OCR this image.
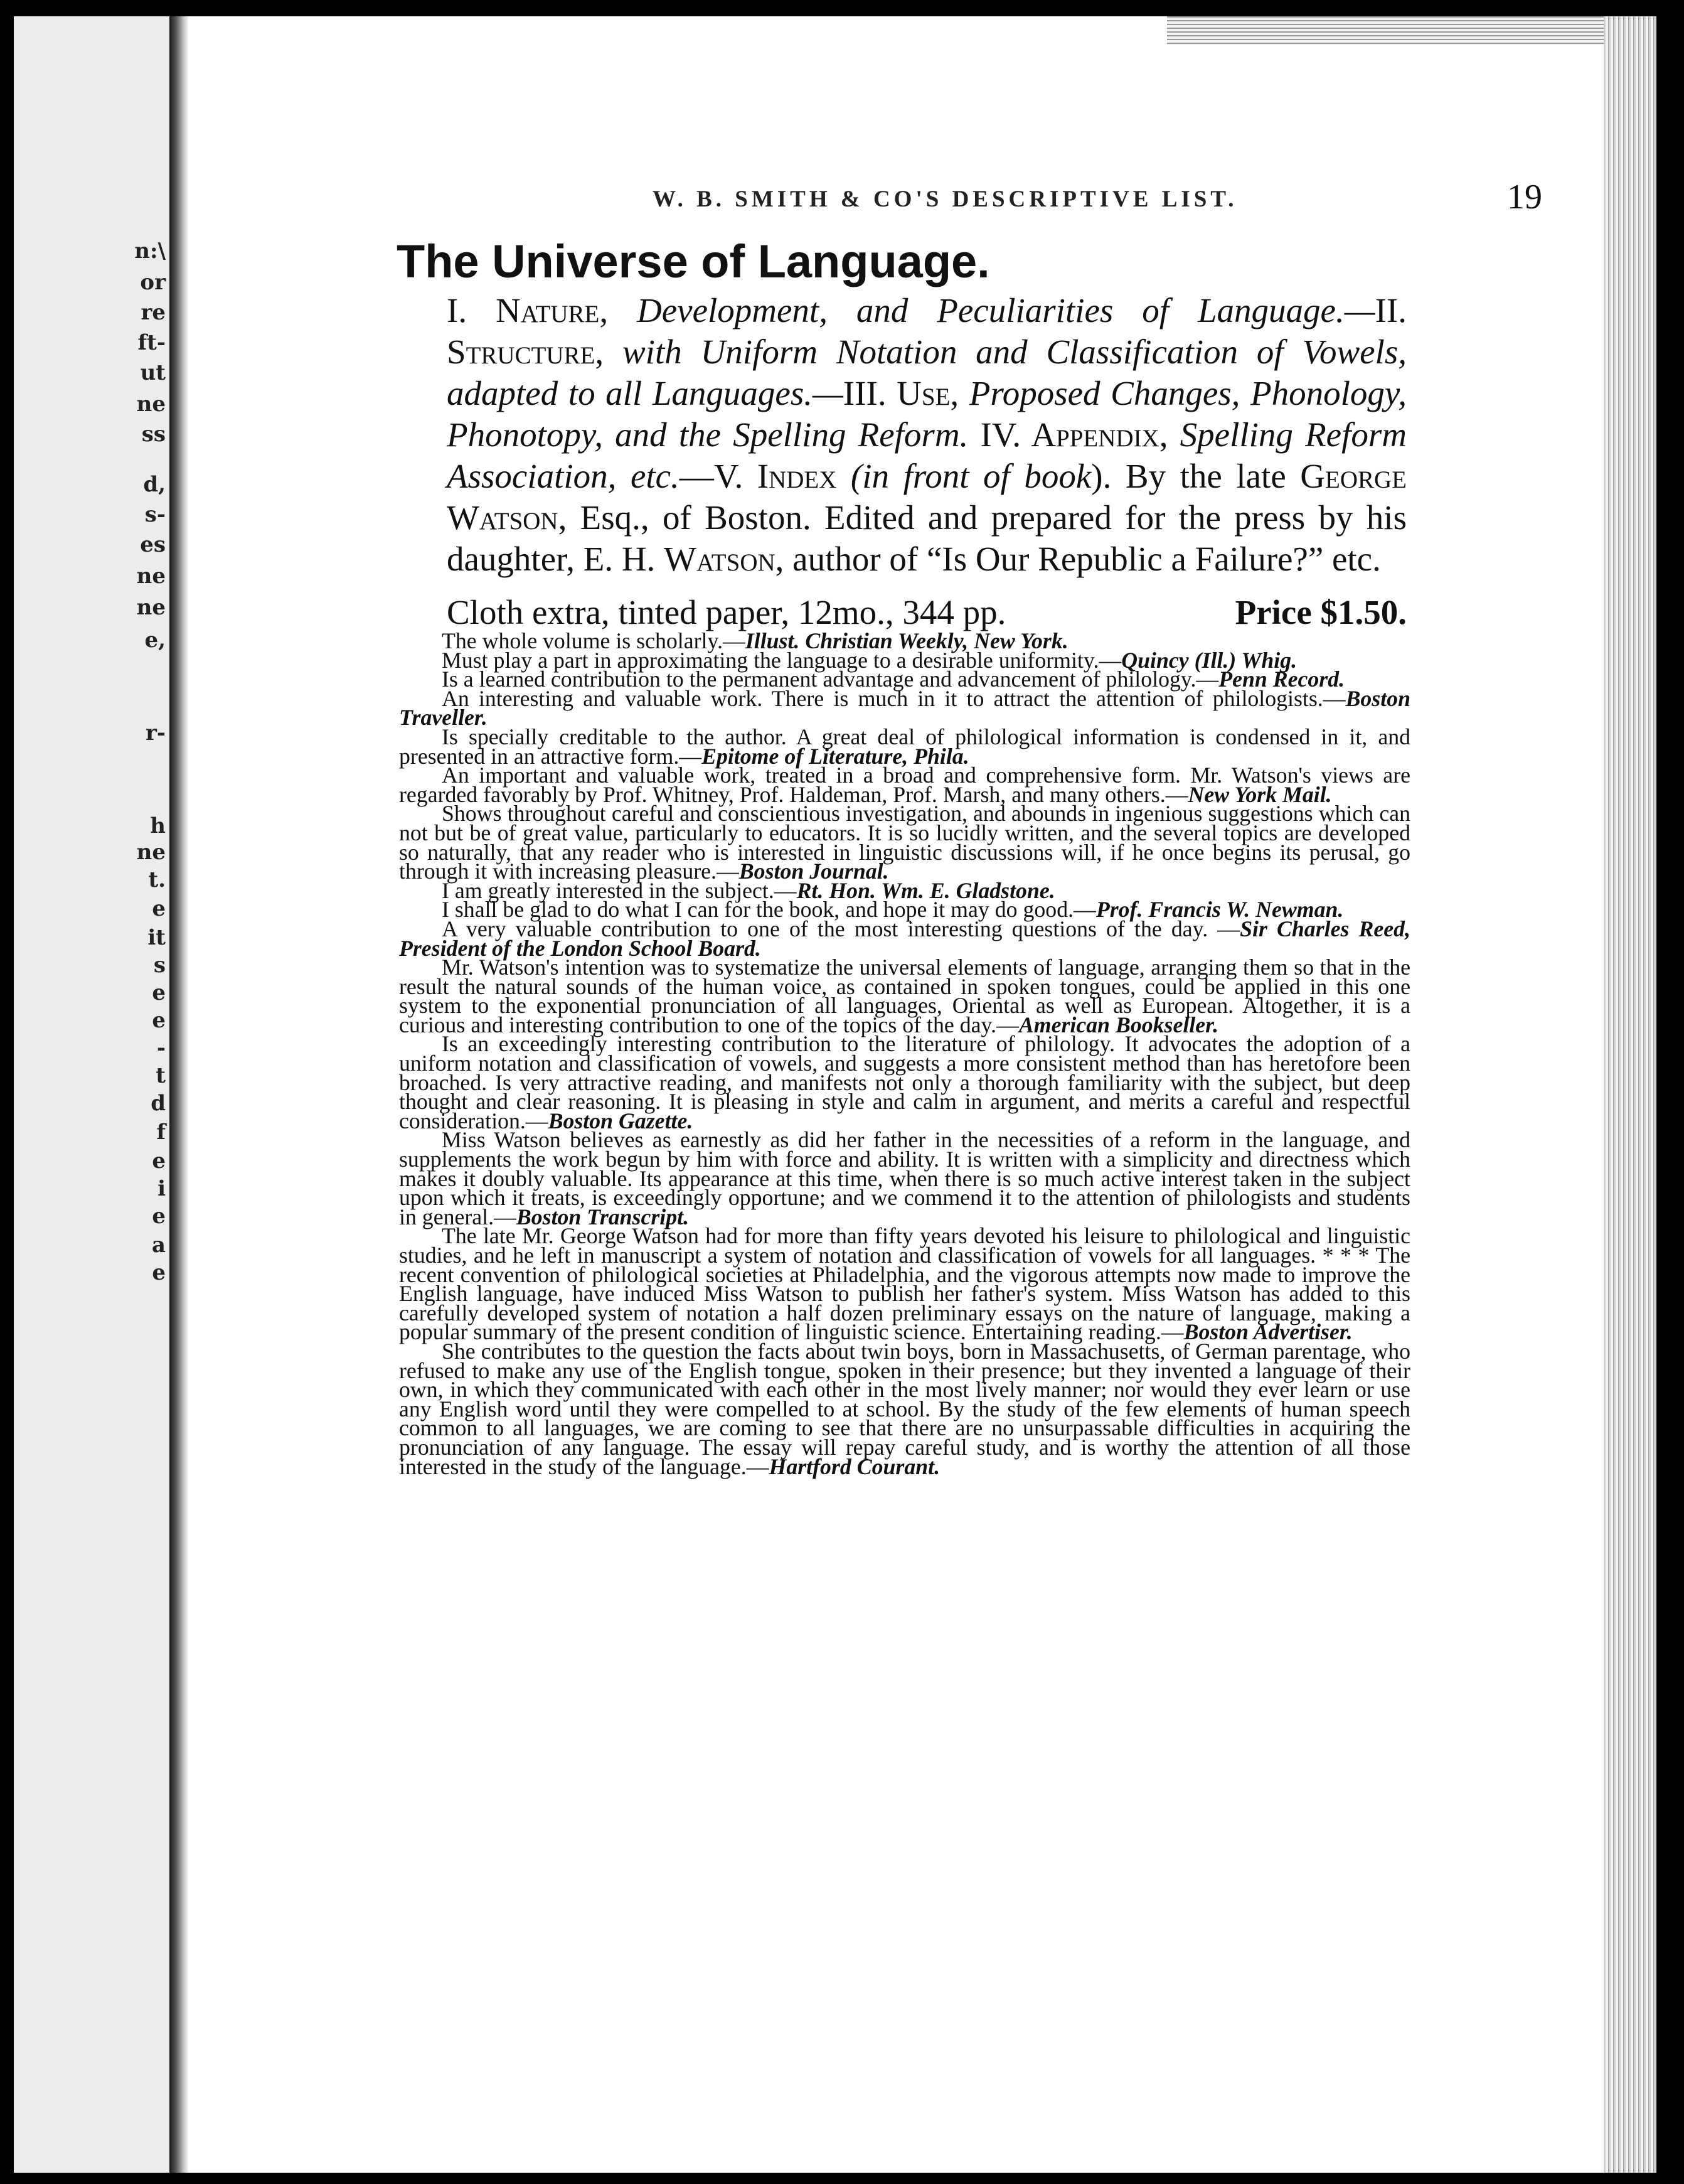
n:\
or
re
ft-
ut
ne
ss
d,
s-
es
ne
ne
e,
r-
h
ne
t.
e
it
s
e
e
-
t
d
f
e
i
e
a
e
W. B. SMITH & CO'S DESCRIPTIVE LIST.	19
The Universe of Language.
I. Nature, Development, and Peculiarities of Language.—II. Structure, with Uniform Notation and Classification of Vowels, adapted to all Languages.—III. Use, Proposed Changes, Phonology, Phonotopy, and the Spelling Reform. IV. Appendix, Spelling Reform Association, etc.—V. Index (in front of book). By the late George Watson, Esq., of Boston. Edited and prepared for the press by his daughter, E. H. Watson, author of “Is Our Republic a Failure?” etc.
Cloth extra, tinted paper, 12mo., 344 pp.	Price $1.50.

The whole volume is scholarly.—Illust. Christian Weekly, New York.

Must play a part in approximating the language to a desirable uniformity.—Quincy (Ill.) Whig.

Is a learned contribution to the permanent advantage and advancement of philology.—Penn Record.

An interesting and valuable work. There is much in it to attract the attention of philologists.—Boston Traveller.

Is specially creditable to the author. A great deal of philological information is condensed in it, and presented in an attractive form.—Epitome of Literature, Phila.

An important and valuable work, treated in a broad and comprehensive form. Mr. Watson's views are regarded favorably by Prof. Whitney, Prof. Haldeman, Prof. Marsh, and many others.—New York Mail.

Shows throughout careful and conscientious investigation, and abounds in ingenious suggestions which can not but be of great value, particularly to educators. It is so lucidly written, and the several topics are developed so naturally, that any reader who is interested in linguistic discussions will, if he once begins its perusal, go through it with increasing pleasure.—Boston Journal.

I am greatly interested in the subject.—Rt. Hon. Wm. E. Gladstone.

I shall be glad to do what I can for the book, and hope it may do good.—Prof. Francis W. Newman.

A very valuable contribution to one of the most interesting questions of the day. —Sir Charles Reed, President of the London School Board.

Mr. Watson's intention was to systematize the universal elements of language, arranging them so that in the result the natural sounds of the human voice, as contained in spoken tongues, could be applied in this one system to the exponential pronunciation of all languages, Oriental as well as European. Altogether, it is a curious and interesting contribution to one of the topics of the day.—American Bookseller.

Is an exceedingly interesting contribution to the literature of philology. It advocates the adoption of a uniform notation and classification of vowels, and suggests a more consistent method than has heretofore been broached. Is very attractive reading, and manifests not only a thorough familiarity with the subject, but deep thought and clear reasoning. It is pleasing in style and calm in argument, and merits a careful and respectful consideration.—Boston Gazette.

Miss Watson believes as earnestly as did her father in the necessities of a reform in the language, and supplements the work begun by him with force and ability. It is written with a simplicity and directness which makes it doubly valuable. Its appearance at this time, when there is so much active interest taken in the subject upon which it treats, is exceedingly opportune; and we commend it to the attention of philologists and students in general.—Boston Transcript.

The late Mr. George Watson had for more than fifty years devoted his leisure to philological and linguistic studies, and he left in manuscript a system of notation and classification of vowels for all languages. * * * The recent convention of philological societies at Philadelphia, and the vigorous attempts now made to improve the English language, have induced Miss Watson to publish her father's system. Miss Watson has added to this carefully developed system of notation a half dozen preliminary essays on the nature of language, making a popular summary of the present condition of linguistic science. Entertaining reading.—Boston Advertiser.

She contributes to the question the facts about twin boys, born in Massachusetts, of German parentage, who refused to make any use of the English tongue, spoken in their presence; but they invented a language of their own, in which they communicated with each other in the most lively manner; nor would they ever learn or use any English word until they were compelled to at school. By the study of the few elements of human speech common to all languages, we are coming to see that there are no unsurpassable difficulties in acquiring the pronunciation of any language. The essay will repay careful study, and is worthy the attention of all those interested in the study of the language.—Hartford Courant.
